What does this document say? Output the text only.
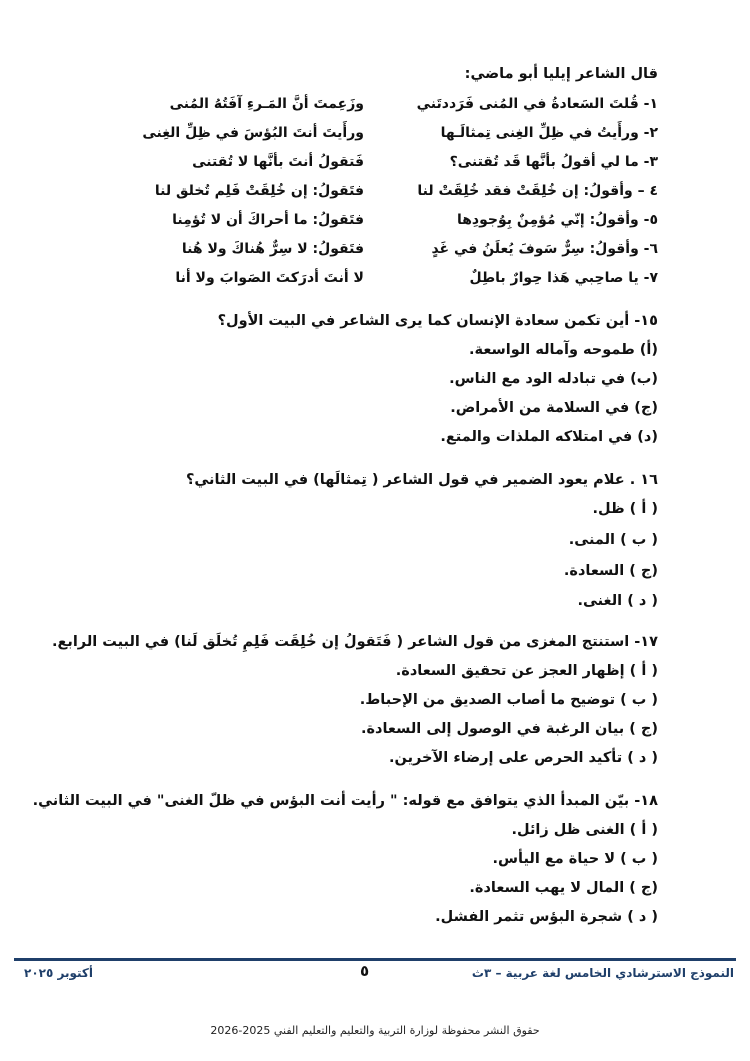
قال الشاعر إيليا أبو ماضي:
١- قُلتَ السَعادةُ في المُنى فَرَددتَني
وزَعِمتَ أنَّ المَـرءِ آفَتُهُ المُنى
٢- ورأَيتُ في ظِلِّ الغِنى تِمثالَـها
ورأَيتَ أنتَ البُؤسَ في ظِلِّ الغِنى
٣- ما لي أقولُ بأنَّها قَد تُقتنى؟
فَتقولُ أنتَ بأنَّها لا تُقتنى
٤ – وأقولُ: إن خُلِقَتْ فقد خُلِقَتْ لنا
فتَقولُ: إن خُلِقَتْ فَلِم تُخلق لنا
٥- وأقولُ: إنّي مُؤمِنٌ بِوُجودِها
فتَقولُ: ما أحراكَ أن لا تُؤمِنا
٦- وأقولُ: سِرٌّ سَوفَ يُعلَنُ في غَدٍ
فتَقولُ: لا سِرٌّ هُناكَ ولا هُنا
٧- يا صاحِبي هَذا حِوارٌ باطِلٌ
لا أنتَ أدرَكتَ الصَوابَ ولا أنا
١٥- أين تكمن سعادة الإنسان كما يرى الشاعر في البيت الأول؟
(أ) طموحه وآماله الواسعة.
(ب) في تبادله الود مع الناس.
(ج) في السلامة من الأمراض.
(د) في امتلاكه الملذات والمتع.
١٦ . علام يعود الضمير في قول الشاعر ( تِمثالَها) في البيت الثاني؟
( أ ) ظل.
( ب ) المنى.
(ج ) السعادة.
( د ) الغنى.
١٧- استنتج المغزى من قول الشاعر ( فَتَقولُ إن خُلِقَت فَلِمِ تُخلَق لَنا) في البيت الرابع.
( أ ) إظهار العجز عن تحقيق السعادة.
( ب ) توضيح ما أصاب الصديق من الإحباط.
(ج ) بيان الرغبة في الوصول إلى السعادة.
( د ) تأكيد الحرص على إرضاء الآخرين.
١٨- بيّن المبدأ الذي يتوافق مع قوله: " رأيت أنت البؤس في ظلّ الغنى" في البيت الثاني.
( أ ) الغنى ظل زائل.
( ب ) لا حياة مع اليأس.
(ج ) المال لا يهب السعادة.
( د ) شجرة البؤس تثمر الفشل.
النموذج الاسترشادي الخامس لغة عربية – ٣ث
٥
أكتوبر ٢٠٢٥
حقوق النشر محفوظة لوزارة التربية والتعليم والتعليم الفني 2025-2026
